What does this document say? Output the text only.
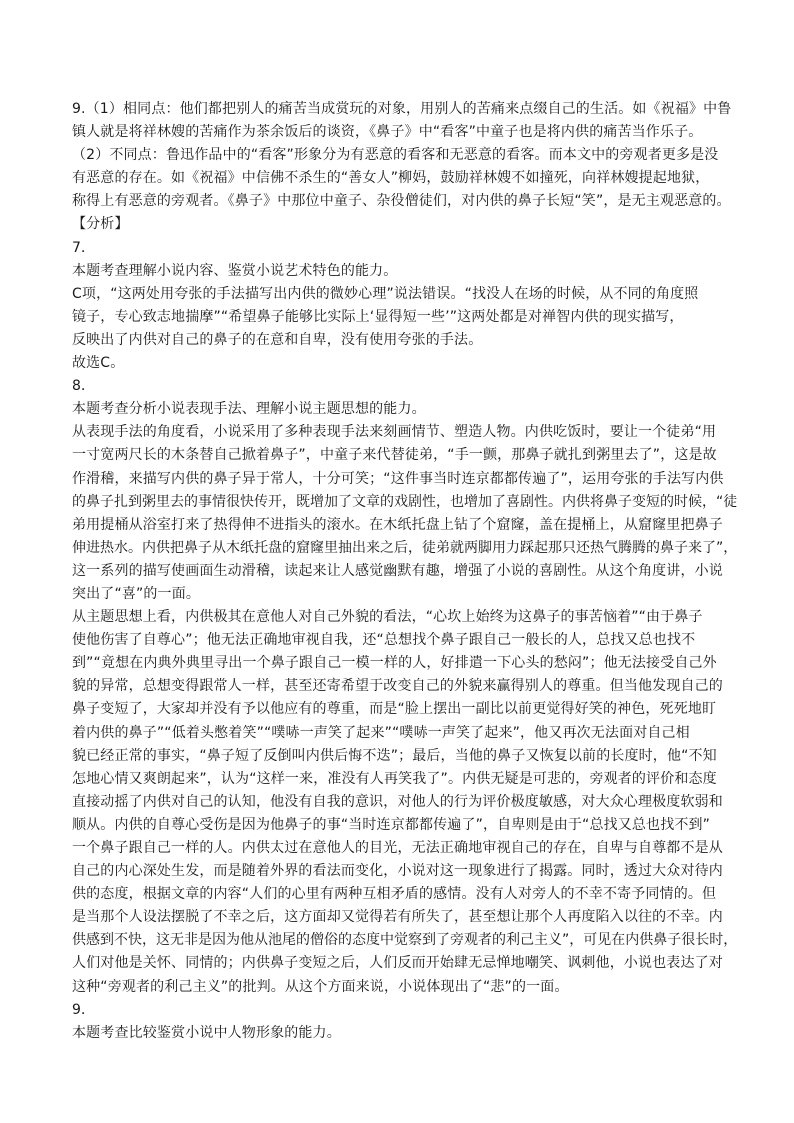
9.（1）相同点：他们都把别人的痛苦当成赏玩的对象，用别人的苦痛来点缀自己的生活。如《祝福》中鲁
镇人就是将祥林嫂的苦痛作为茶余饭后的谈资，《鼻子》中“看客”中童子也是将内供的痛苦当作乐子。
（2）不同点：鲁迅作品中的“看客”形象分为有恶意的看客和无恶意的看客。而本文中的旁观者更多是没
有恶意的存在。如《祝福》中信佛不杀生的“善女人”柳妈，鼓励祥林嫂不如撞死，向祥林嫂提起地狱，
称得上有恶意的旁观者。《鼻子》中那位中童子、杂役僧徒们，对内供的鼻子长短“笑”，是无主观恶意的。
【分析】
7．
本题考查理解小说内容、鉴赏小说艺术特色的能力。
C项，“这两处用夸张的手法描写出内供的微妙心理”说法错误。“找没人在场的时候，从不同的角度照
镜子，专心致志地揣摩”“希望鼻子能够比实际上‘显得短一些’”这两处都是对禅智内供的现实描写，
反映出了内供对自己的鼻子的在意和自卑，没有使用夸张的手法。
故选C。
8．
本题考查分析小说表现手法、理解小说主题思想的能力。
从表现手法的角度看，小说采用了多种表现手法来刻画情节、塑造人物。内供吃饭时，要让一个徒弟“用
一寸宽两尺长的木条替自己掀着鼻子”，中童子来代替徒弟，“手一颤，那鼻子就扎到粥里去了”，这是故
作滑稽，来描写内供的鼻子异于常人，十分可笑；“这件事当时连京都都传遍了”，运用夸张的手法写内供
的鼻子扎到粥里去的事情很快传开，既增加了文章的戏剧性，也增加了喜剧性。内供将鼻子变短的时候，“徒
弟用提桶从浴室打来了热得伸不进指头的滚水。在木纸托盘上钻了个窟窿，盖在提桶上，从窟窿里把鼻子
伸进热水。内供把鼻子从木纸托盘的窟窿里抽出来之后，徒弟就两脚用力踩起那只还热气腾腾的鼻子来了”，
这一系列的描写使画面生动滑稽，读起来让人感觉幽默有趣，增强了小说的喜剧性。从这个角度讲，小说
突出了“喜”的一面。
从主题思想上看，内供极其在意他人对自己外貌的看法，“心坎上始终为这鼻子的事苦恼着”“由于鼻子
使他伤害了自尊心”；他无法正确地审视自我，还“总想找个鼻子跟自己一般长的人，总找又总也找不
到”“竟想在内典外典里寻出一个鼻子跟自己一模一样的人，好排遣一下心头的愁闷”；他无法接受自己外
貌的异常，总想变得跟常人一样，甚至还寄希望于改变自己的外貌来赢得别人的尊重。但当他发现自己的
鼻子变短了，大家却并没有予以他应有的尊重，而是“脸上摆出一副比以前更觉得好笑的神色，死死地盯
着内供的鼻子”“低着头憋着笑”“噗哧一声笑了起来”“噗哧一声笑了起来”，他又再次无法面对自己相
貌已经正常的事实，“鼻子短了反倒叫内供后悔不迭”；最后，当他的鼻子又恢复以前的长度时，他“不知
怎地心情又爽朗起来”，认为“这样一来，准没有人再笑我了”。内供无疑是可悲的，旁观者的评价和态度
直接动摇了内供对自己的认知，他没有自我的意识，对他人的行为评价极度敏感，对大众心理极度软弱和
顺从。内供的自尊心受伤是因为他鼻子的事“当时连京都都传遍了”，自卑则是由于“总找又总也找不到”
一个鼻子跟自己一样的人。内供太过在意他人的目光，无法正确地审视自己的存在，自卑与自尊都不是从
自己的内心深处生发，而是随着外界的看法而变化，小说对这一现象进行了揭露。同时，透过大众对待内
供的态度，根据文章的内容“人们的心里有两种互相矛盾的感情。没有人对旁人的不幸不寄予同情的。但
是当那个人设法摆脱了不幸之后，这方面却又觉得若有所失了，甚至想让那个人再度陷入以往的不幸。内
供感到不快，这无非是因为他从池尾的僧俗的态度中觉察到了旁观者的利己主义”，可见在内供鼻子很长时，
人们对他是关怀、同情的；内供鼻子变短之后，人们反而开始肆无忌惮地嘲笑、讽刺他，小说也表达了对
这种“旁观者的利己主义”的批判。从这个方面来说，小说体现出了“悲”的一面。
9．
本题考查比较鉴赏小说中人物形象的能力。
